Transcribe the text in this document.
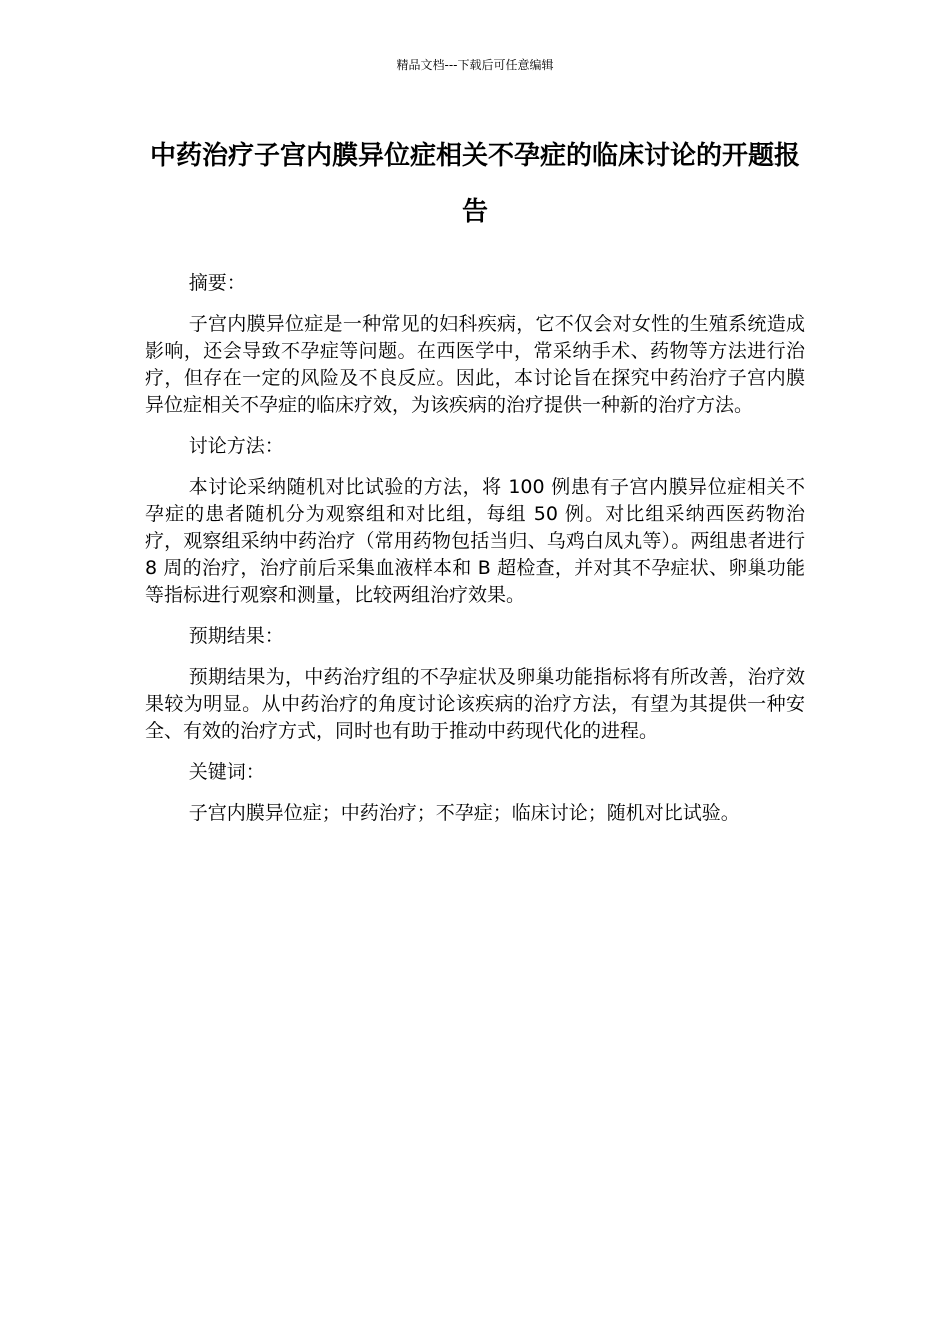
精品文档---下载后可任意编辑
中药治疗子宫内膜异位症相关不孕症的临床讨论的开题报告

摘要：

子宫内膜异位症是一种常见的妇科疾病，它不仅会对女性的生殖系统造成影响，还会导致不孕症等问题。在西医学中，常采纳手术、药物等方法进行治疗，但存在一定的风险及不良反应。因此，本讨论旨在探究中药治疗子宫内膜异位症相关不孕症的临床疗效，为该疾病的治疗提供一种新的治疗方法。

讨论方法：

本讨论采纳随机对比试验的方法，将 100 例患有子宫内膜异位症相关不孕症的患者随机分为观察组和对比组，每组 50 例。对比组采纳西医药物治疗，观察组采纳中药治疗（常用药物包括当归、乌鸡白凤丸等）。两组患者进行 8 周的治疗，治疗前后采集血液样本和 B 超检查，并对其不孕症状、卵巢功能等指标进行观察和测量，比较两组治疗效果。

预期结果：

预期结果为，中药治疗组的不孕症状及卵巢功能指标将有所改善，治疗效果较为明显。从中药治疗的角度讨论该疾病的治疗方法，有望为其提供一种安全、有效的治疗方式，同时也有助于推动中药现代化的进程。

关键词：

子宫内膜异位症；中药治疗；不孕症；临床讨论；随机对比试验。
